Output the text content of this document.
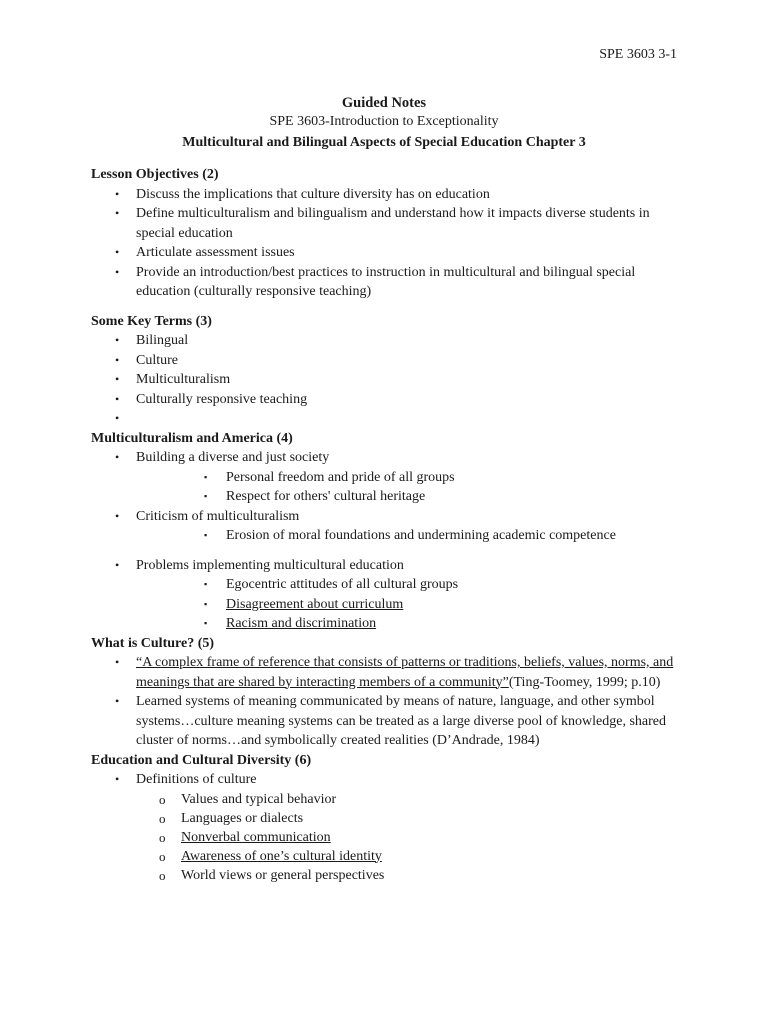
SPE 3603 3-1
Guided Notes
SPE 3603-Introduction to Exceptionality
Multicultural and Bilingual Aspects of Special Education Chapter 3
Lesson Objectives (2)
• Discuss the implications that culture diversity has on education
• Define multiculturalism and bilingualism and understand how it impacts diverse students in special education
• Articulate assessment issues
• Provide an introduction/best practices to instruction in multicultural and bilingual special education (culturally responsive teaching)
Some Key Terms (3)
• Bilingual
• Culture
• Multiculturalism
• Culturally responsive teaching
•
Multiculturalism and America (4)
• Building a diverse and just society
▪ Personal freedom and pride of all groups
▪ Respect for others' cultural heritage
• Criticism of multiculturalism
▪ Erosion of moral foundations and undermining academic competence
• Problems implementing multicultural education
▪ Egocentric attitudes of all cultural groups
▪ Disagreement about curriculum
▪ Racism and discrimination
What is Culture? (5)
• “A complex frame of reference that consists of patterns or traditions, beliefs, values, norms, and meanings that are shared by interacting members of a community”(Ting-Toomey, 1999; p.10)
• Learned systems of meaning communicated by means of nature, language, and other symbol systems…culture meaning systems can be treated as a large diverse pool of knowledge, shared cluster of norms…and symbolically created realities (D’Andrade, 1984)
Education and Cultural Diversity (6)
• Definitions of culture
o Values and typical behavior
o Languages or dialects
o Nonverbal communication
o Awareness of one’s cultural identity
o World views or general perspectives
